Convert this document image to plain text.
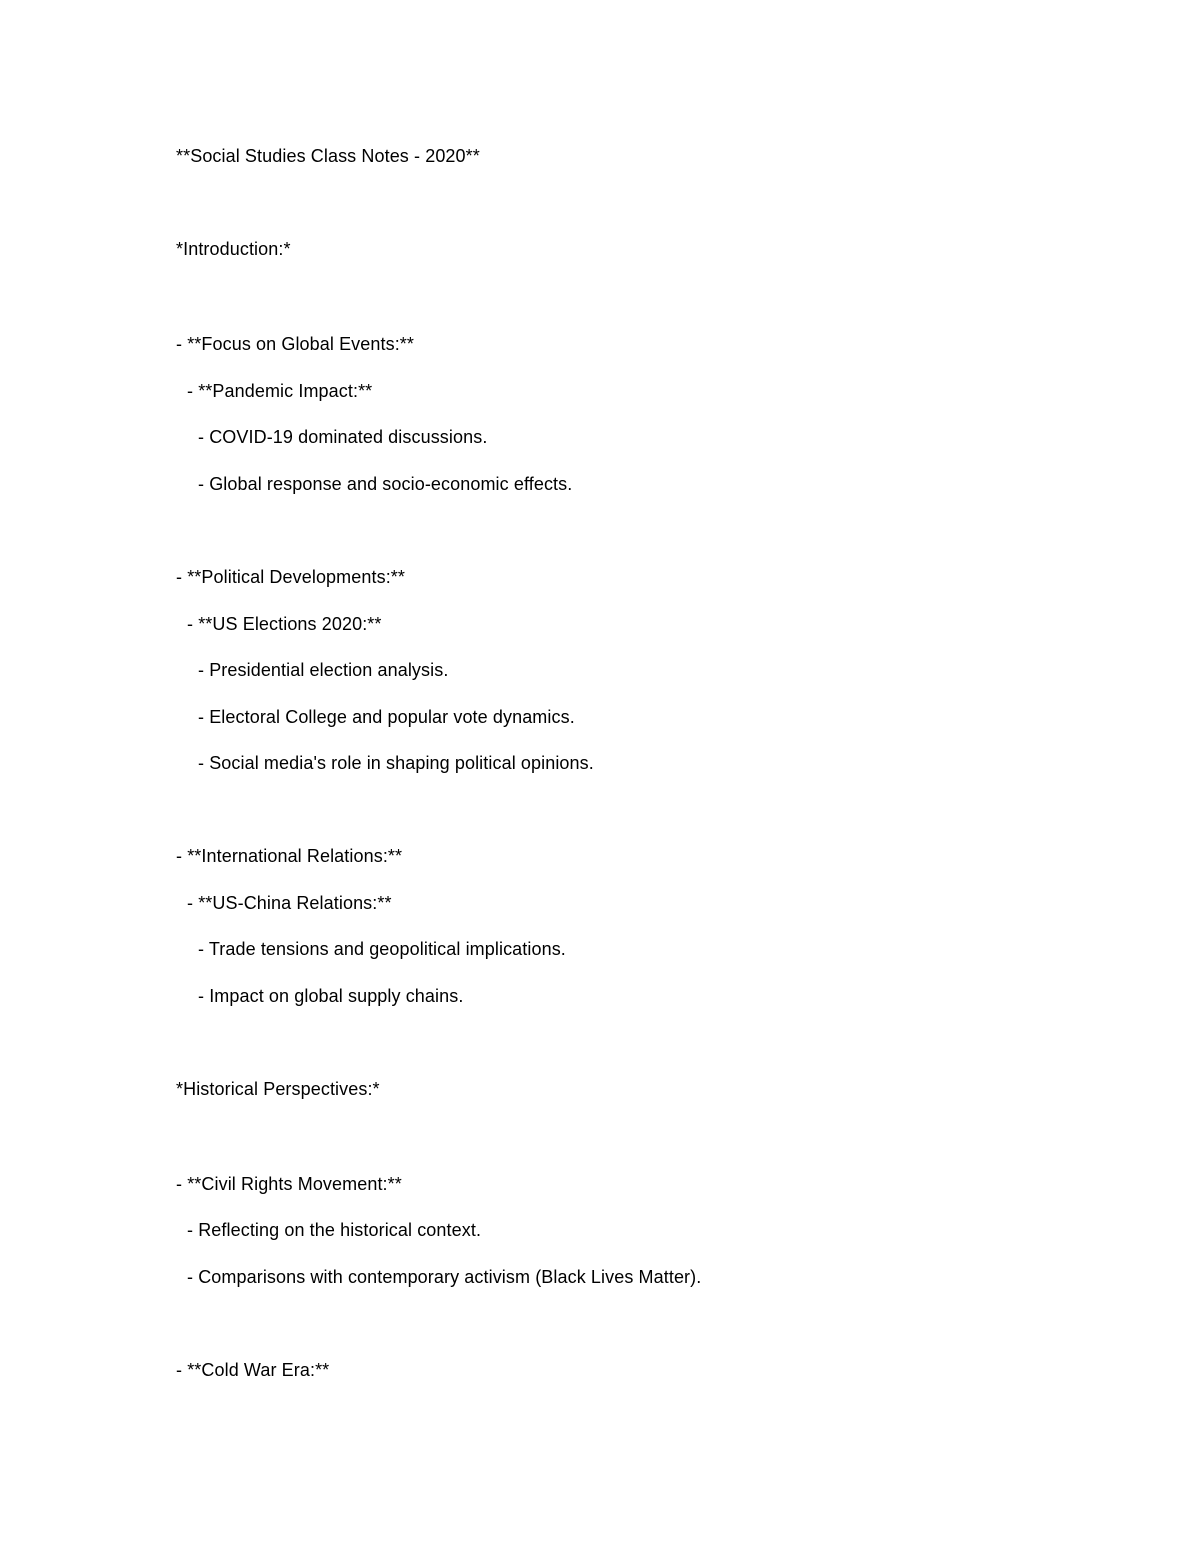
**Social Studies Class Notes - 2020**
*Introduction:*
- **Focus on Global Events:**
- **Pandemic Impact:**
- COVID-19 dominated discussions.
- Global response and socio-economic effects.
- **Political Developments:**
- **US Elections 2020:**
- Presidential election analysis.
- Electoral College and popular vote dynamics.
- Social media's role in shaping political opinions.
- **International Relations:**
- **US-China Relations:**
- Trade tensions and geopolitical implications.
- Impact on global supply chains.
*Historical Perspectives:*
- **Civil Rights Movement:**
- Reflecting on the historical context.
- Comparisons with contemporary activism (Black Lives Matter).
- **Cold War Era:**
